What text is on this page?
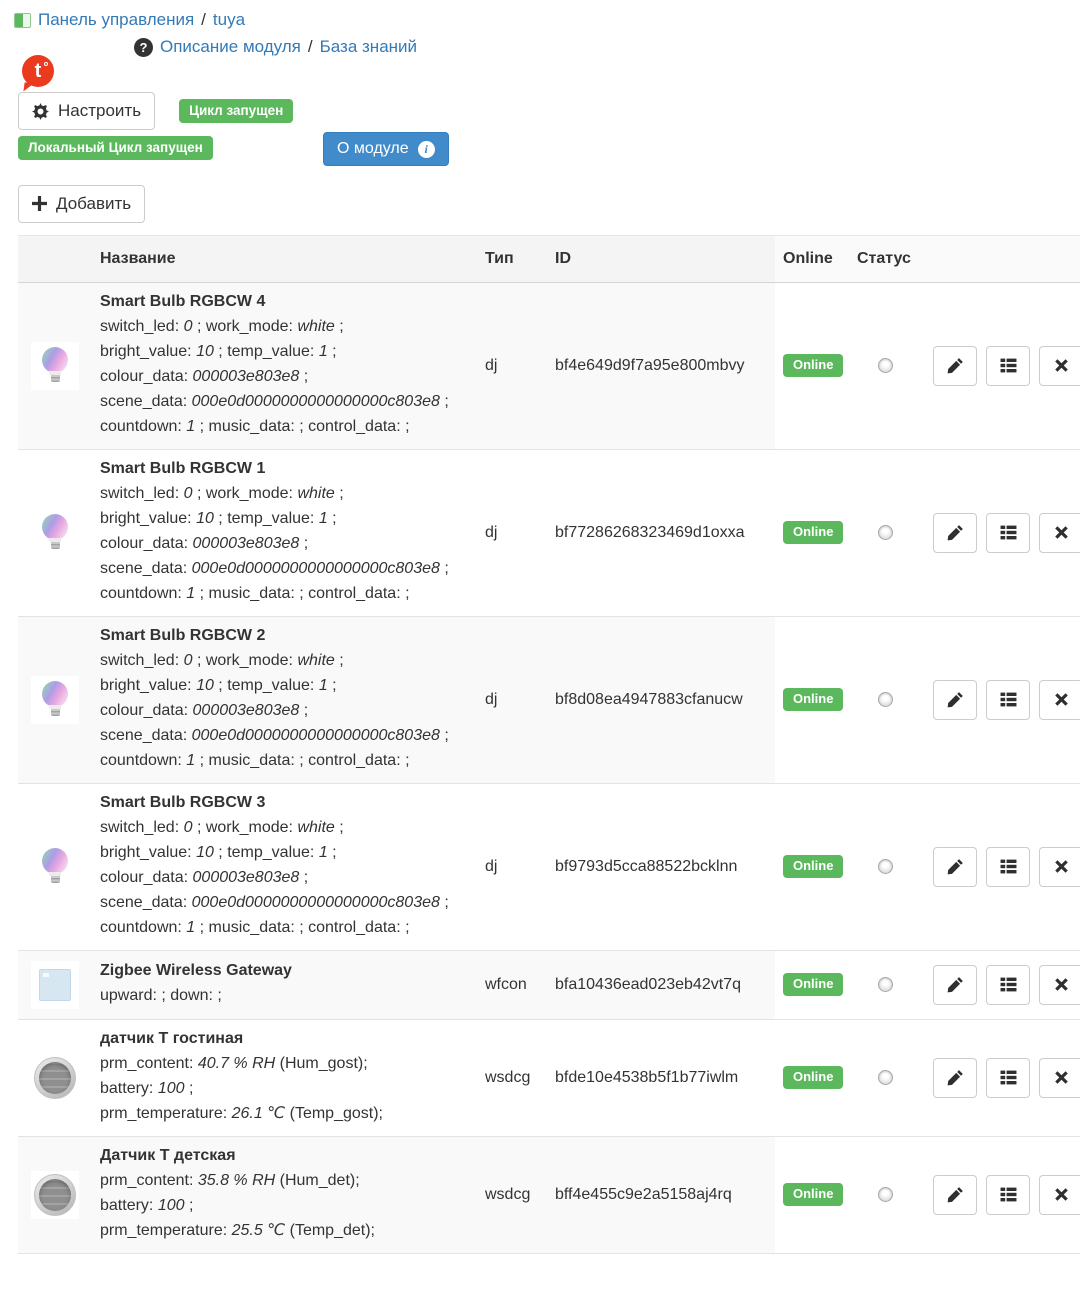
Панель управления / tuya
? Описание модуля / База знаний
t
Настроить	Цикл запущен
Локальный Цикл запущен	О модуле	i
Добавить
	Название	Тип	ID	Online	Статус	

Smart Bulb RGBCW 4
switch_led: 0 ; work_mode: white ;
bright_value: 10 ; temp_value: 1 ;
colour_data: 000003e803e8 ;
scene_data: 000e0d0000000000000000c803e8 ;
countdown: 1 ; music_data: ; control_data: ;
	dj	bf4e649d9f7a95e800mbvy	Online		

Smart Bulb RGBCW 1
switch_led: 0 ; work_mode: white ;
bright_value: 10 ; temp_value: 1 ;
colour_data: 000003e803e8 ;
scene_data: 000e0d0000000000000000c803e8 ;
countdown: 1 ; music_data: ; control_data: ;
	dj	bf77286268323469d1oxxa	Online		

Smart Bulb RGBCW 2
switch_led: 0 ; work_mode: white ;
bright_value: 10 ; temp_value: 1 ;
colour_data: 000003e803e8 ;
scene_data: 000e0d0000000000000000c803e8 ;
countdown: 1 ; music_data: ; control_data: ;
	dj	bf8d08ea4947883cfanucw	Online		

Smart Bulb RGBCW 3
switch_led: 0 ; work_mode: white ;
bright_value: 10 ; temp_value: 1 ;
colour_data: 000003e803e8 ;
scene_data: 000e0d0000000000000000c803e8 ;
countdown: 1 ; music_data: ; control_data: ;
	dj	bf9793d5cca88522bcklnn	Online		

	Zigbee Wireless Gateway
upward: ; down: ;	wfcon	bfa10436ead023eb42vt7q	Online		

	датчик Т гостиная
prm_content: 40.7 % RH (Hum_gost);
battery: 100 ;
prm_temperature: 26.1 ℃ (Temp_gost);	wsdcg	bfde10e4538b5f1b77iwlm	Online		

	Датчик Т детская
prm_content: 35.8 % RH (Hum_det);
battery: 100 ;
prm_temperature: 25.5 ℃ (Temp_det);	wsdcg	bff4e455c9e2a5158aj4rq	Online		
